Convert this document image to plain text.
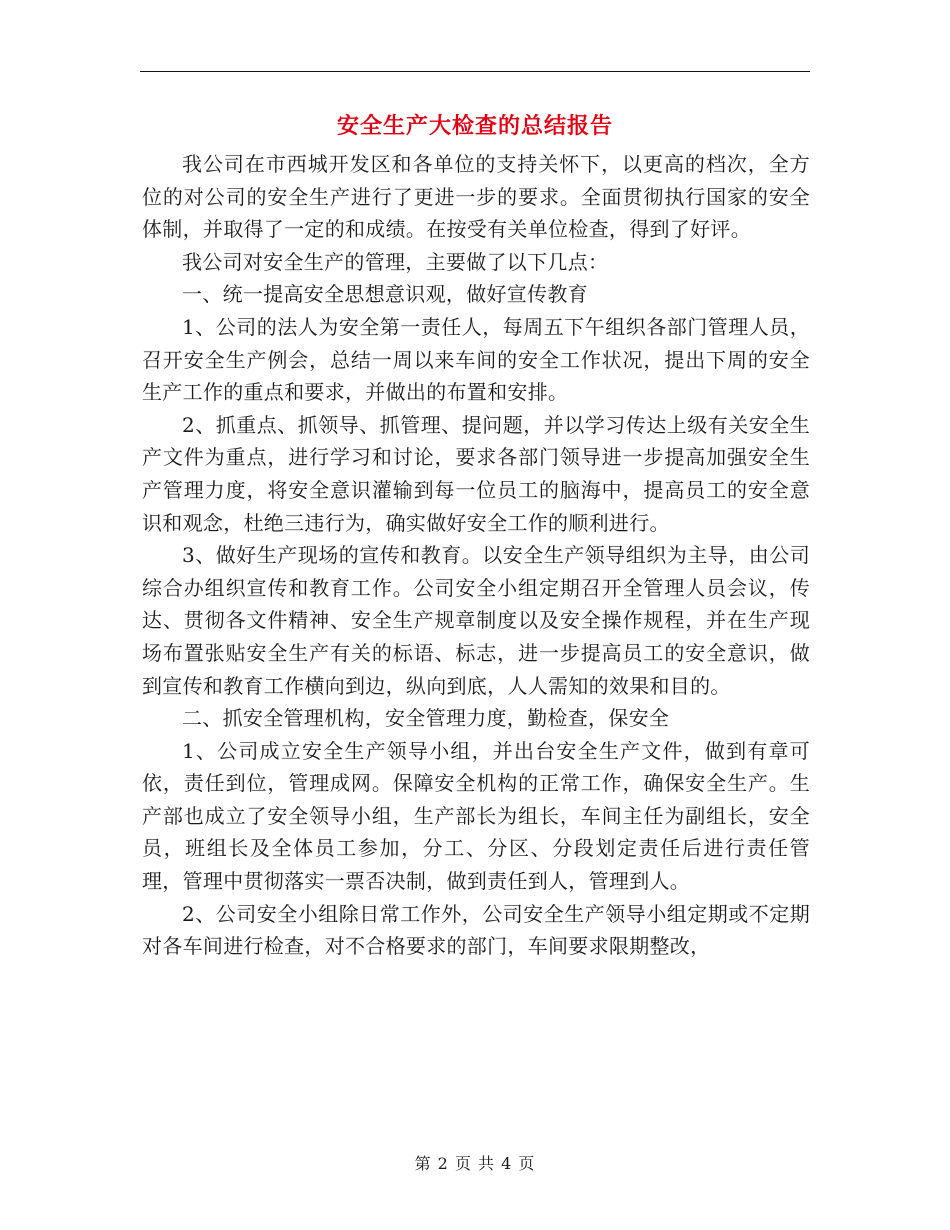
安全生产大检查的总结报告

我公司在市西城开发区和各单位的支持关怀下，以更高的档次，全方位的对公司的安全生产进行了更进一步的要求。全面贯彻执行国家的安全体制，并取得了一定的和成绩。在按受有关单位检查，得到了好评。

我公司对安全生产的管理，主要做了以下几点：

一、统一提高安全思想意识观，做好宣传教育

1、公司的法人为安全第一责任人，每周五下午组织各部门管理人员，召开安全生产例会，总结一周以来车间的安全工作状况，提出下周的安全生产工作的重点和要求，并做出的布置和安排。

2、抓重点、抓领导、抓管理、提问题，并以学习传达上级有关安全生产文件为重点，进行学习和讨论，要求各部门领导进一步提高加强安全生产管理力度，将安全意识灌输到每一位员工的脑海中，提高员工的安全意识和观念，杜绝三违行为，确实做好安全工作的顺利进行。

3、做好生产现场的宣传和教育。以安全生产领导组织为主导，由公司综合办组织宣传和教育工作。公司安全小组定期召开全管理人员会议，传达、贯彻各文件精神、安全生产规章制度以及安全操作规程，并在生产现场布置张贴安全生产有关的标语、标志，进一步提高员工的安全意识，做到宣传和教育工作横向到边，纵向到底，人人需知的效果和目的。

二、抓安全管理机构，安全管理力度，勤检查，保安全

1、公司成立安全生产领导小组，并出台安全生产文件，做到有章可依，责任到位，管理成网。保障安全机构的正常工作，确保安全生产。生产部也成立了安全领导小组，生产部长为组长，车间主任为副组长，安全员，班组长及全体员工参加，分工、分区、分段划定责任后进行责任管理，管理中贯彻落实一票否决制，做到责任到人，管理到人。

2、公司安全小组除日常工作外，公司安全生产领导小组定期或不定期对各车间进行检查，对不合格要求的部门，车间要求限期整改，

第 2 页 共 4 页
